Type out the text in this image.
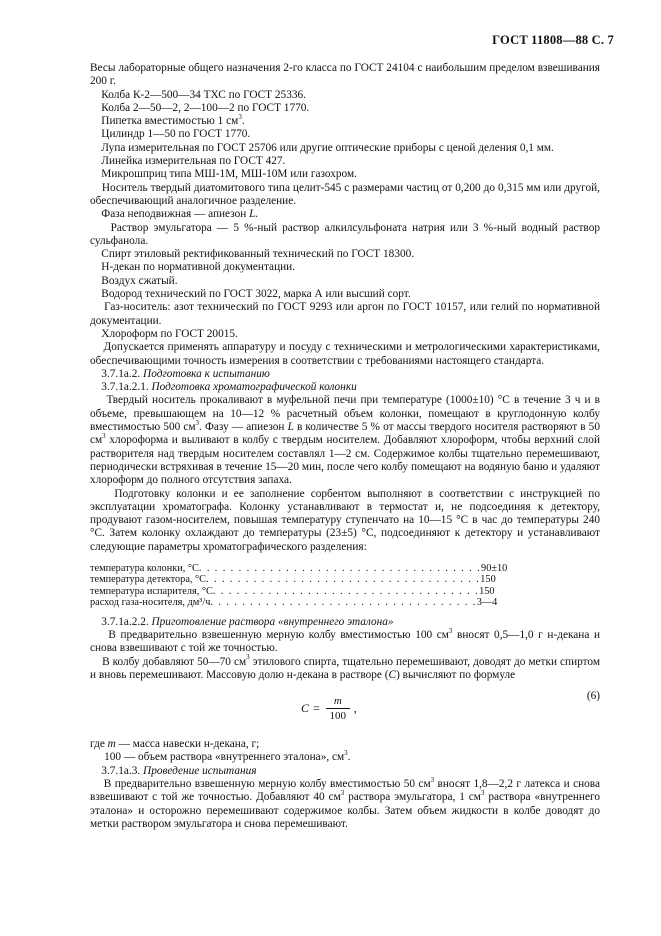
ГОСТ 11808—88 С. 7

Весы лабораторные общего назначения 2-го класса по ГОСТ 24104 с наибольшим пределом взвешивания 200 г.

Колба К-2—500—34 ТХС по ГОСТ 25336.

Колба 2—50—2, 2—100—2 по ГОСТ 1770.

Пипетка вместимостью 1 $см^3$.

Цилиндр 1—50 по ГОСТ 1770.

Лупа измерительная по ГОСТ 25706 или другие оптические приборы с ценой деления 0,1 мм.

Линейка измерительная по ГОСТ 427.

Микрошприц типа МШ-1М, МШ-10М или газохром.

Носитель твердый диатомитового типа целит-545 с размерами частиц от 0,200 до 0,315 мм или другой, обеспечивающий аналогичное разделение.

Фаза неподвижная — апиезон L.

Раствор эмульгатора — 5 %-ный раствор алкилсульфоната натрия или 3 %-ный водный раствор сульфанола.

Спирт этиловый ректификованный технический по ГОСТ 18300.

Н-декан по нормативной документации.

Воздух сжатый.

Водород технический по ГОСТ 3022, марка А или высший сорт.

Газ-носитель: азот технический по ГОСТ 9293 или аргон по ГОСТ 10157, или гелий по нормативной документации.

Хлороформ по ГОСТ 20015.

Допускается применять аппаратуру и посуду с техническими и метрологическими характеристиками, обеспечивающими точность измерения в соответствии с требованиями настоящего стандарта.

3.7.1а.2. Подготовка к испытанию

3.7.1а.2.1. Подготовка хроматографической колонки

Твердый носитель прокаливают в муфельной печи при температуре (1000±10) °С в течение 3 ч и в объеме, превышающем на 10—12 % расчетный объем колонки, помещают в круглодонную колбу вместимостью 500 $см^3$. Фазу — апиезон L в количестве 5 % от массы твердого носителя растворяют в 50 $см^3$ хлороформа и выливают в колбу с твердым носителем. Добавляют хлороформ, чтобы верхний слой растворителя над твердым носителем составлял 1—2 см. Содержимое колбы тщательно перемешивают, периодически встряхивая в течение 15—20 мин, после чего колбу помещают на водяную баню и удаляют хлороформ до полного отсутствия запаха.

Подготовку колонки и ее заполнение сорбентом выполняют в соответствии с инструкцией по эксплуатации хроматографа. Колонку устанавливают в термостат и, не подсоединяя к детектору, продувают газом-носителем, повышая температуру ступенчато на 10—15 °С в час до температуры 240 °С. Затем колонку охлаждают до температуры (23±5) °С, подсоединяют к детектору и устанавливают следующие параметры хроматографического разделения:

температура колонки, °С . . . . . . . . . . . . . . . . . . . . . . . . . . . . . . . . . . . . 90±10
температура детектора, °С . . . . . . . . . . . . . . . . . . . . . . . . . . . . . . . . . . . 150
температура испарителя, °С . . . . . . . . . . . . . . . . . . . . . . . . . . . . . . . . . . 150
расход газа-носителя, дм³/ч . . . . . . . . . . . . . . . . . . . . . . . . . . . . . . . . . . 3—4

3.7.1а.2.2. Приготовление раствора «внутреннего эталона»

В предварительно взвешенную мерную колбу вместимостью 100 $см^3$ вносят 0,5—1,0 г н-декана и снова взвешивают с той же точностью.

В колбу добавляют 50—70 $см^3$ этилового спирта, тщательно перемешивают, доводят до метки спиртом и вновь перемешивают. Массовую долю н-декана в растворе (С) вычисляют по формуле

$C = \frac{m}{100}$ ,
(6)

где m — масса навески н-декана, г;

100 — объем раствора «внутреннего эталона», $см^3$.

3.7.1а.3. Проведение испытания

В предварительно взвешенную мерную колбу вместимостью 50 $см^3$ вносят 1,8—2,2 г латекса и снова взвешивают с той же точностью. Добавляют 40 $см^3$ раствора эмульгатора, 1 $см^3$ раствора «внутреннего эталона» и осторожно перемешивают содержимое колбы. Затем объем жидкости в колбе доводят до метки раствором эмульгатора и снова перемешивают.
